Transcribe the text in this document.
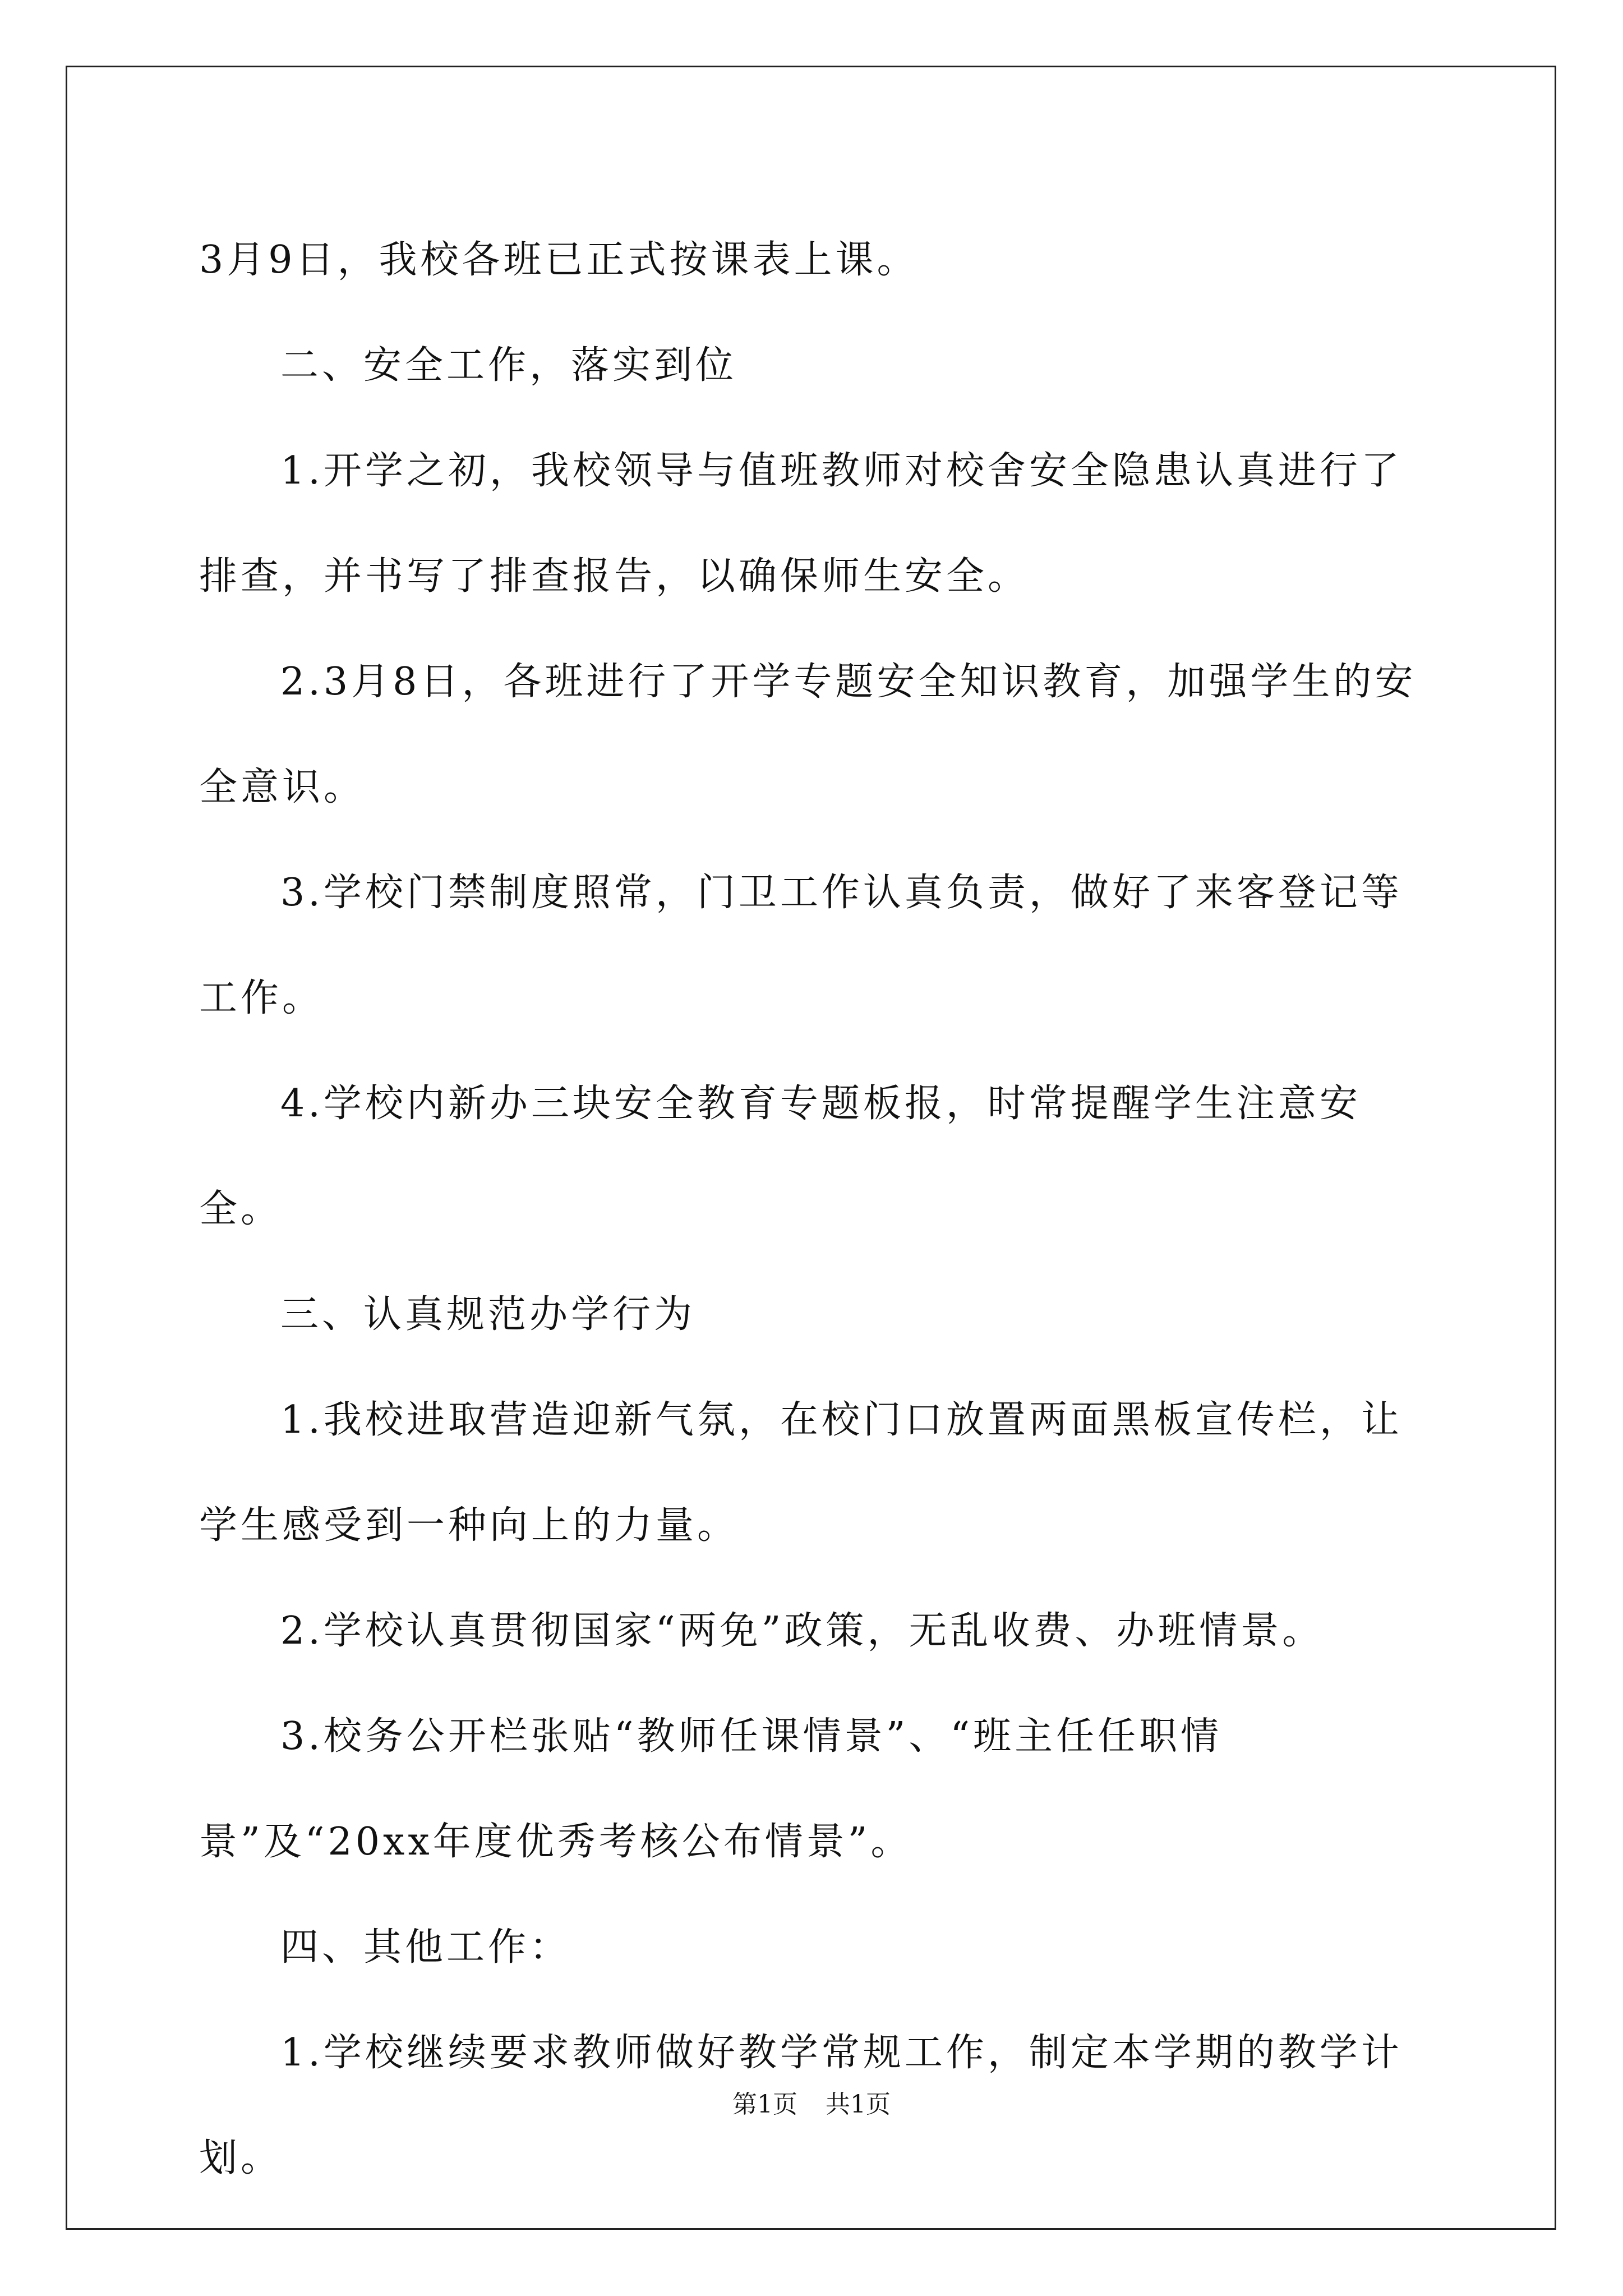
3月9日，我校各班已正式按课表上课。

二、安全工作，落实到位

1.开学之初，我校领导与值班教师对校舍安全隐患认真进行了排查，并书写了排查报告，以确保师生安全。

2.3月8日，各班进行了开学专题安全知识教育，加强学生的安全意识。

3.学校门禁制度照常，门卫工作认真负责，做好了来客登记等工作。

4.学校内新办三块安全教育专题板报，时常提醒学生注意安全。

三、认真规范办学行为

1.我校进取营造迎新气氛，在校门口放置两面黑板宣传栏，让学生感受到一种向上的力量。

2.学校认真贯彻国家“两免”政策，无乱收费、办班情景。

3.校务公开栏张贴“教师任课情景”、“班主任任职情景”及“20xx年度优秀考核公布情景”。

四、其他工作：

1.学校继续要求教师做好教学常规工作，制定本学期的教学计划。

第1页 共1页
